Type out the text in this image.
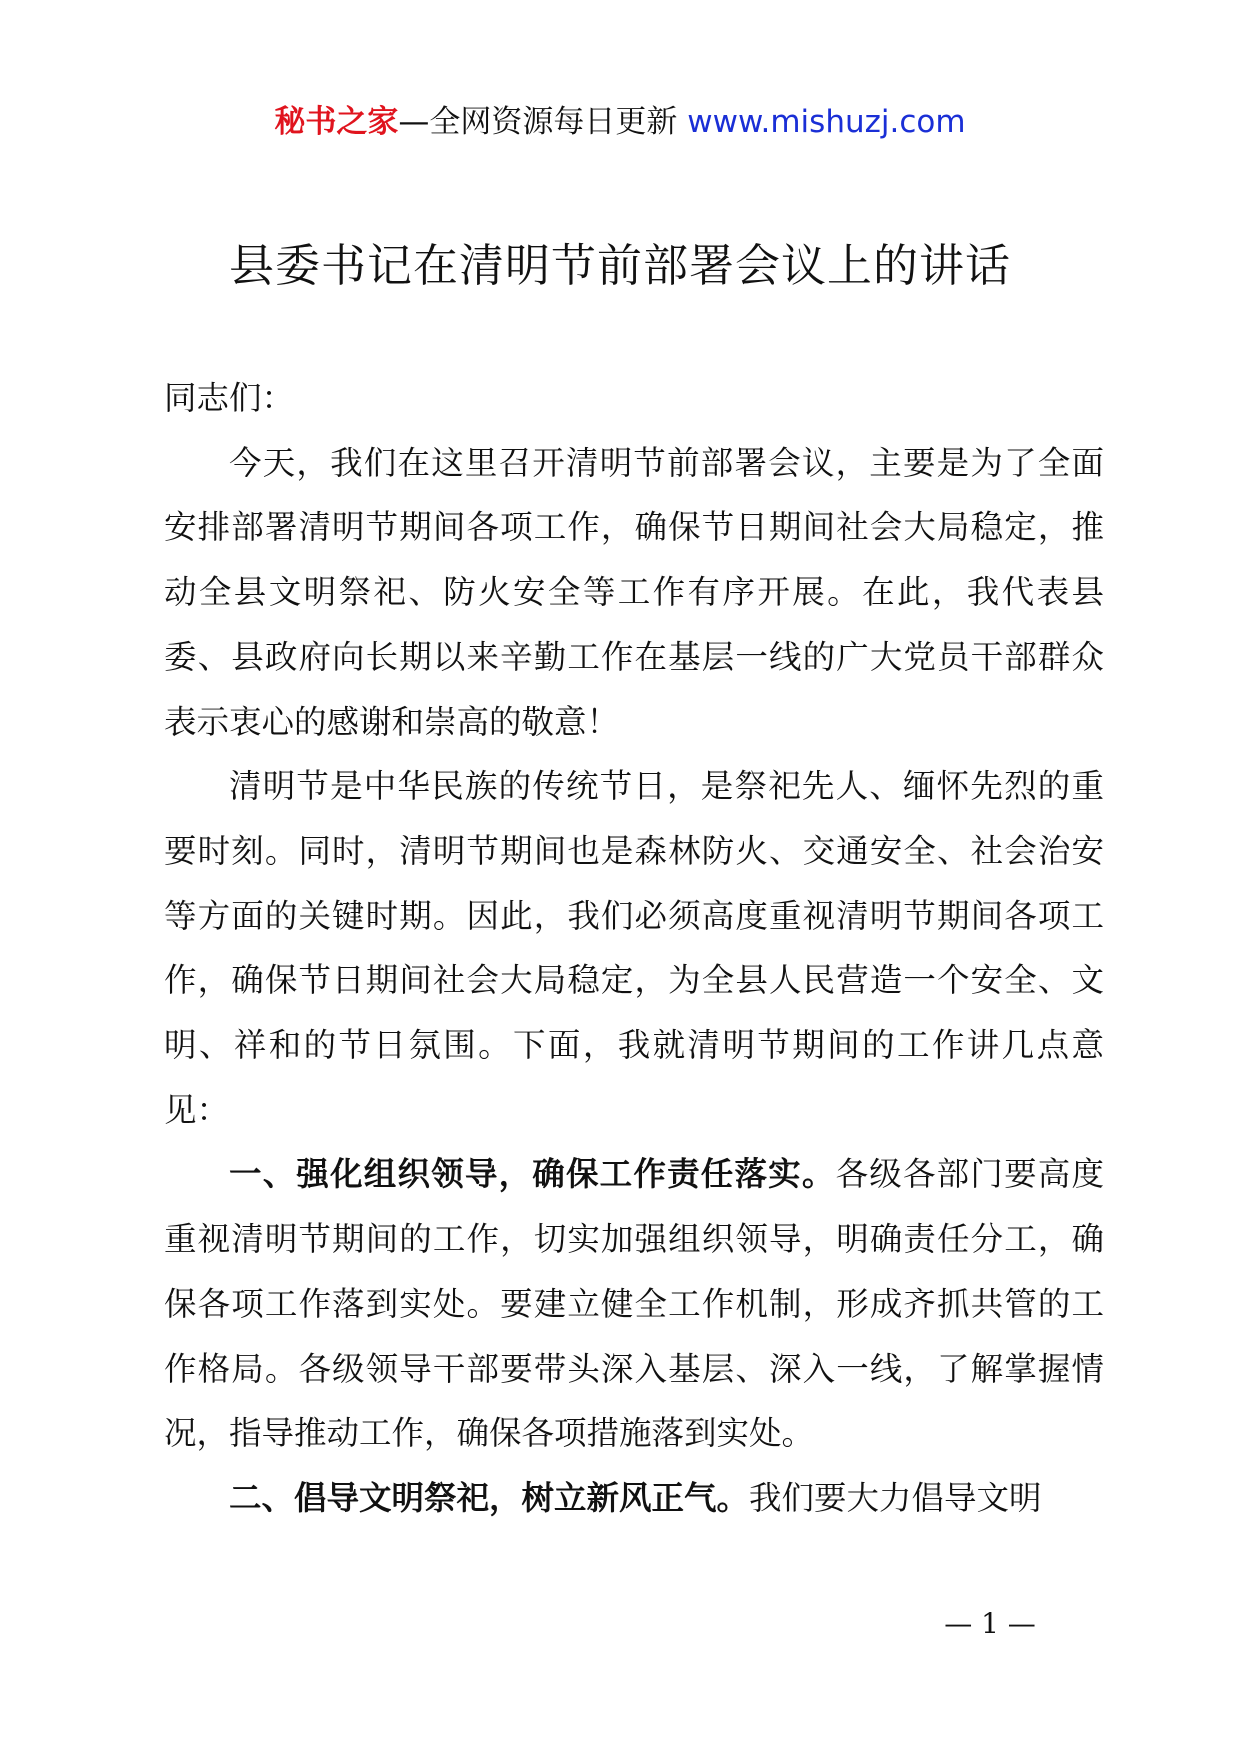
秘书之家—全网资源每日更新 www.mishuzj.com
县委书记在清明节前部署会议上的讲话

同志们：

今天，我们在这里召开清明节前部署会议，主要是为了全面安排部署清明节期间各项工作，确保节日期间社会大局稳定，推动全县文明祭祀、防火安全等工作有序开展。在此，我代表县委、县政府向长期以来辛勤工作在基层一线的广大党员干部群众表示衷心的感谢和崇高的敬意！

清明节是中华民族的传统节日，是祭祀先人、缅怀先烈的重要时刻。同时，清明节期间也是森林防火、交通安全、社会治安等方面的关键时期。因此，我们必须高度重视清明节期间各项工作，确保节日期间社会大局稳定，为全县人民营造一个安全、文明、祥和的节日氛围。下面，我就清明节期间的工作讲几点意见：

一、强化组织领导，确保工作责任落实。各级各部门要高度重视清明节期间的工作，切实加强组织领导，明确责任分工，确保各项工作落到实处。要建立健全工作机制，形成齐抓共管的工作格局。各级领导干部要带头深入基层、深入一线，了解掌握情况，指导推动工作，确保各项措施落到实处。

二、倡导文明祭祀，树立新风正气。我们要大力倡导文明

— 1 —
